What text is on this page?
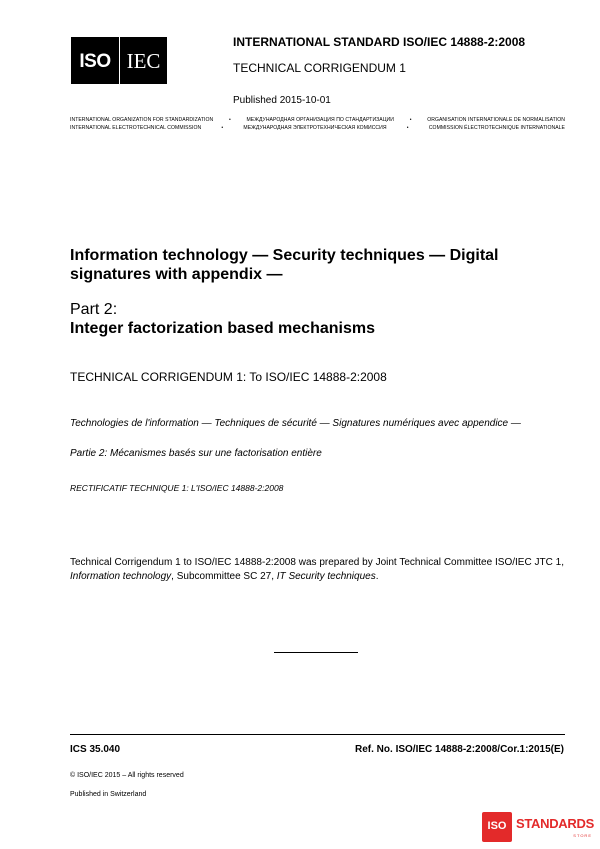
ISO IEC
INTERNATIONAL STANDARD ISO/IEC 14888-2:2008
TECHNICAL CORRIGENDUM 1
Published 2015-10-01
INTERNATIONAL ORGANIZATION FOR STANDARDIZATION	•	МЕЖДУНАРОДНАЯ ОРГАНИЗАЦИЯ ПО СТАНДАРТИЗАЦИИ	•	ORGANISATION INTERNATIONALE DE NORMALISATION
INTERNATIONAL ELECTROTECHNICAL COMMISSION	•	МЕЖДУНАРОДНАЯ ЭЛЕКТРОТЕХНИЧЕСКАЯ КОМИССИЯ	•	COMMISSION ÉLECTROTECHNIQUE INTERNATIONALE
Information technology — Security techniques — Digital signatures with appendix —
Part 2:
Integer factorization based mechanisms
TECHNICAL CORRIGENDUM 1: To ISO/IEC 14888-2:2008
Technologies de l'information — Techniques de sécurité — Signatures numériques avec appendice —
Partie 2: Mécanismes basés sur une factorisation entière
RECTIFICATIF TECHNIQUE 1: L'ISO/IEC 14888-2:2008
Technical Corrigendum 1 to ISO/IEC 14888-2:2008 was prepared by Joint Technical Committee ISO/IEC JTC 1, Information technology, Subcommittee SC 27, IT Security techniques.
ICS 35.040	Ref. No. ISO/IEC 14888-2:2008/Cor.1:2015(E)
© ISO/IEC 2015 – All rights reserved
Published in Switzerland
ISO STANDARDS
STORE
